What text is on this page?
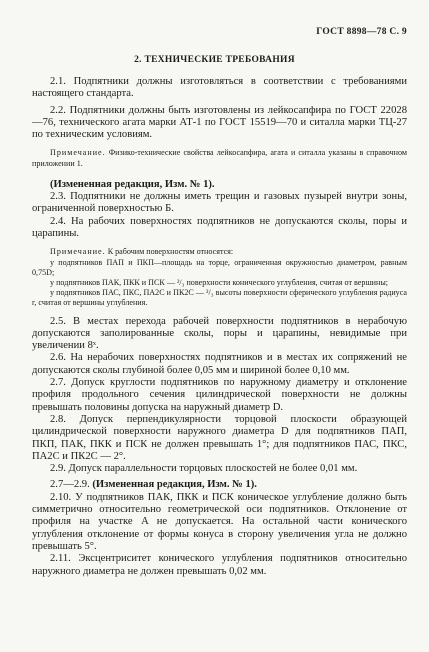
ГОСТ 8898—78 С. 9
2. ТЕХНИЧЕСКИЕ ТРЕБОВАНИЯ

2.1. Подпятники должны изготовляться в соответствии с требованиями настоящего стандарта.

2.2. Подпятники должны быть изготовлены из лейкосапфира по ГОСТ 22028—76, технического агата марки АТ-1 по ГОСТ 15519—70 и ситалла марки ТЦ-27 по техническим условиям.

Примечание. Физико-технические свойства лейкосапфира, агата и ситалла указаны в справочном приложении 1.

(Измененная редакция, Изм. № 1).

2.3. Подпятники не должны иметь трещин и газовых пузырей внутри зоны, ограниченной поверхностью Б.

2.4. На рабочих поверхностях подпятников не допускаются сколы, поры и царапины.

Примечание. К рабочим поверхностям относятся:

у подпятников ПАП и ПКП—площадь на торце, ограниченная окружностью диаметром, равным 0,75D;

у подпятников ПАК, ПКК и ПСК — ²/₃ поверхности конического углубления, считая от вершины;

у подпятников ПАС, ПКС, ПА2С и ПК2С — ²/₃ высоты поверхности сферического углубления радиуса r, считая от вершины углубления.

2.5. В местах перехода рабочей поверхности подпятников в нерабочую допускаются заполированные сколы, поры и царапины, невидимые при увеличении 8ˣ.

2.6. На нерабочих поверхностях подпятников и в местах их сопряжений не допускаются сколы глубиной более 0,05 мм и шириной более 0,10 мм.

2.7. Допуск круглости подпятников по наружному диаметру и отклонение профиля продольного сечения цилиндрической поверхности не должны превышать половины допуска на наружный диаметр D.

2.8. Допуск перпендикулярности торцовой плоскости образующей цилиндрической поверхности наружного диаметра D для подпятников ПАП, ПКП, ПАК, ПКК и ПСК не должен превышать 1°; для подпятников ПАС, ПКС, ПА2С и ПК2С — 2°.

2.9. Допуск параллельности торцовых плоскостей не более 0,01 мм.

2.7—2.9. (Измененная редакция, Изм. № 1).

2.10. У подпятников ПАК, ПКК и ПСК коническое углубление должно быть симметрично относительно геометрической оси подпятников. Отклонение от профиля на участке A не допускается. На остальной части конического углубления отклонение от формы конуса в сторону увеличения угла не должно превышать 5°.

2.11. Эксцентриситет конического углубления подпятников относительно наружного диаметра не должен превышать 0,02 мм.
